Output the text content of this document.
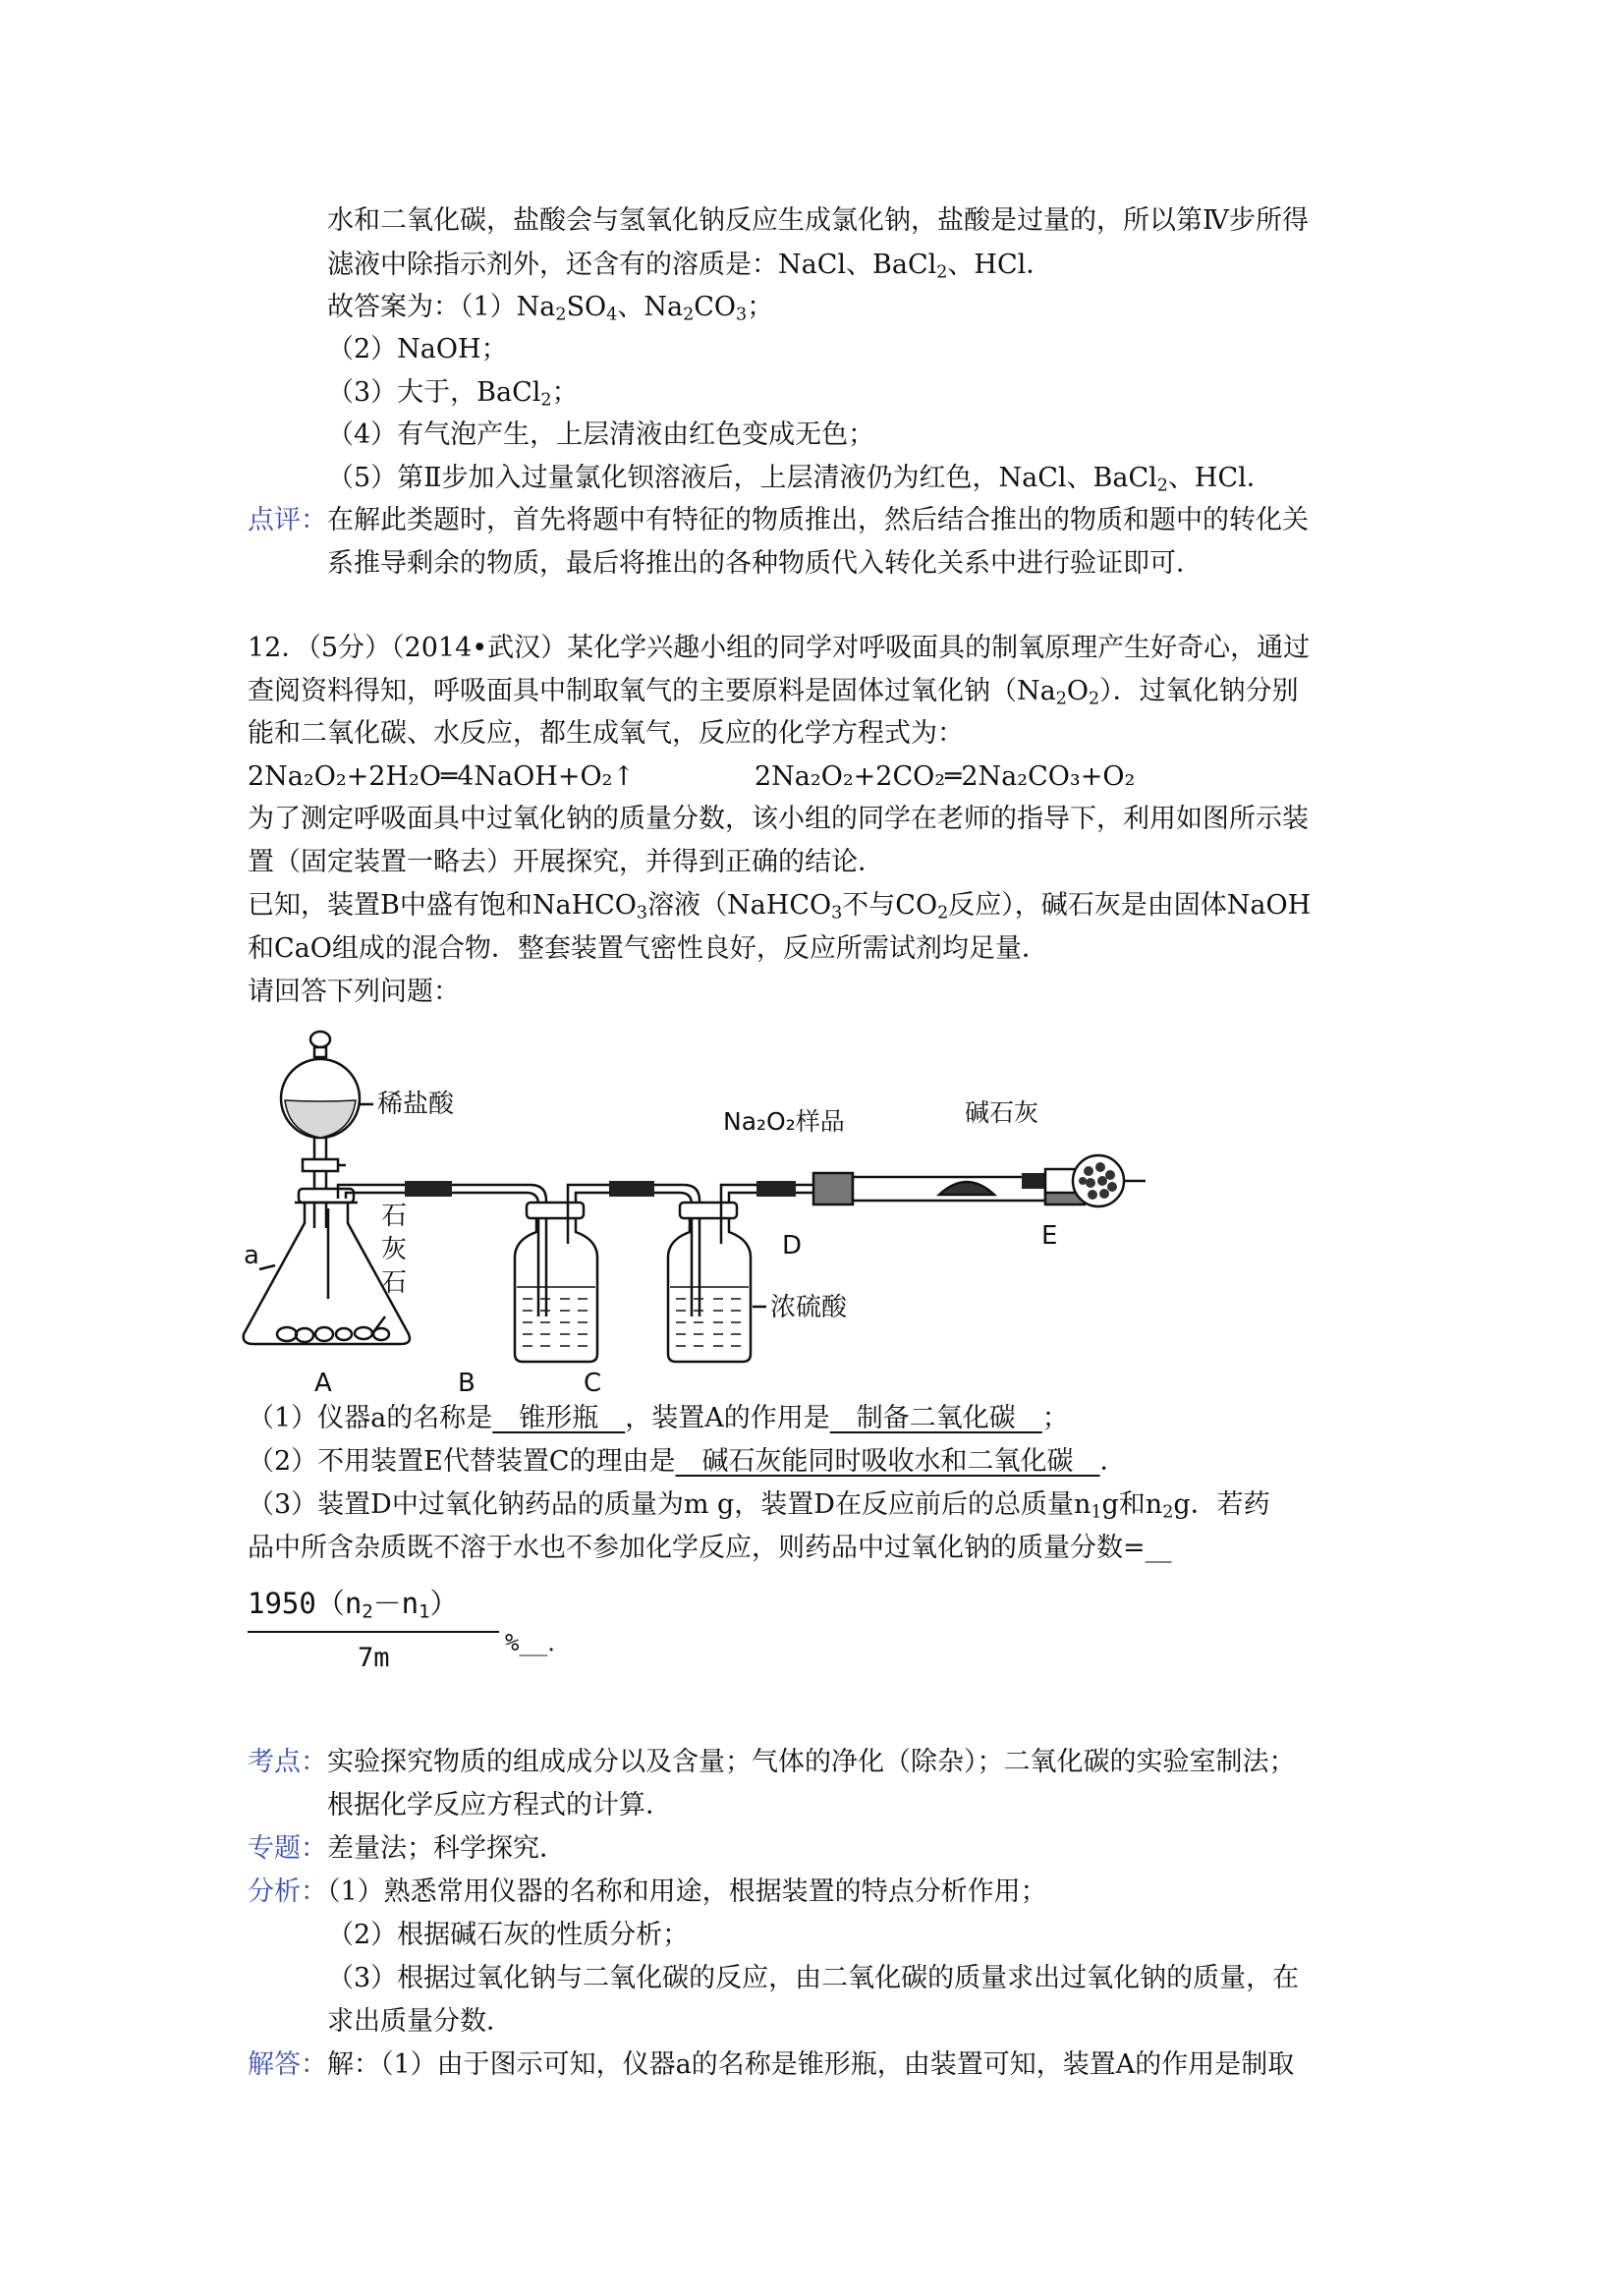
水和二氧化碳，盐酸会与氢氧化钠反应生成氯化钠，盐酸是过量的，所以第Ⅳ步所得
滤液中除指示剂外，还含有的溶质是：NaCl、BaCl$_2$、HCl．
故答案为：$(1)Na_2SO_4$、$Na_2CO_3$；
（2）NaOH；
（3）大于，BaCl$_2$；
（4）有气泡产生，上层清液由红色变成无色；
（5）第Ⅱ步加入过量氯化钡溶液后，上层清液仍为红色，NaCl、BaCl$_2$、HCl．
点评：在解此类题时，首先将题中有特征的物质推出，然后结合推出的物质和题中的转化关
系推导剩余的物质，最后将推出的各种物质代入转化关系中进行验证即可．
12．（5分）（2014•武汉）某化学兴趣小组的同学对呼吸面具的制氧原理产生好奇心，通过
查阅资料得知，呼吸面具中制取氧气的主要原料是固体过氧化钠$(Na_2O_2)$．过氧化钠分别
能和二氧化碳、水反应，都生成氧气，反应的化学方程式为：
2Na₂O₂+2H₂O═4NaOH+O₂↑	2Na₂O₂+2CO₂═2Na₂CO₃+O₂
为了测定呼吸面具中过氧化钠的质量分数，该小组的同学在老师的指导下，利用如图所示装
置（固定装置一略去）开展探究，并得到正确的结论．
已知，装置B中盛有饱和NaHCO$_3$溶液（NaHCO$_3$不与$CO_2$反应），碱石灰是由固体NaOH
和CaO组成的混合物．整套装置气密性良好，反应所需试剂均足量．
请回答下列问题：
稀盐酸
石
灰
石
a
Na₂O₂样品	碱石灰
浓硫酸
A	B	C
D	E
（1）仪器a的名称是　锥形瓶　，装置A的作用是　制备二氧化碳　；
（2）不用装置E代替装置C的理由是　碱石灰能同时吸收水和二氧化碳　．
（3）装置D中过氧化钠药品的质量为m g，装置D在反应前后的总质量$n_1g$和$n_2g$．若药
品中所含杂质既不溶于水也不参加化学反应，则药品中过氧化钠的质量分数=__
$1950(n_2-n_1)$
7m	%__．
考点：实验探究物质的组成成分以及含量；气体的净化（除杂）；二氧化碳的实验室制法；
根据化学反应方程式的计算．
专题：差量法；科学探究．
分析：（1）熟悉常用仪器的名称和用途，根据装置的特点分析作用；
（2）根据碱石灰的性质分析；
（3）根据过氧化钠与二氧化碳的反应，由二氧化碳的质量求出过氧化钠的质量，在
求出质量分数．
解答：解：（1）由于图示可知，仪器a的名称是锥形瓶，由装置可知，装置A的作用是制取
